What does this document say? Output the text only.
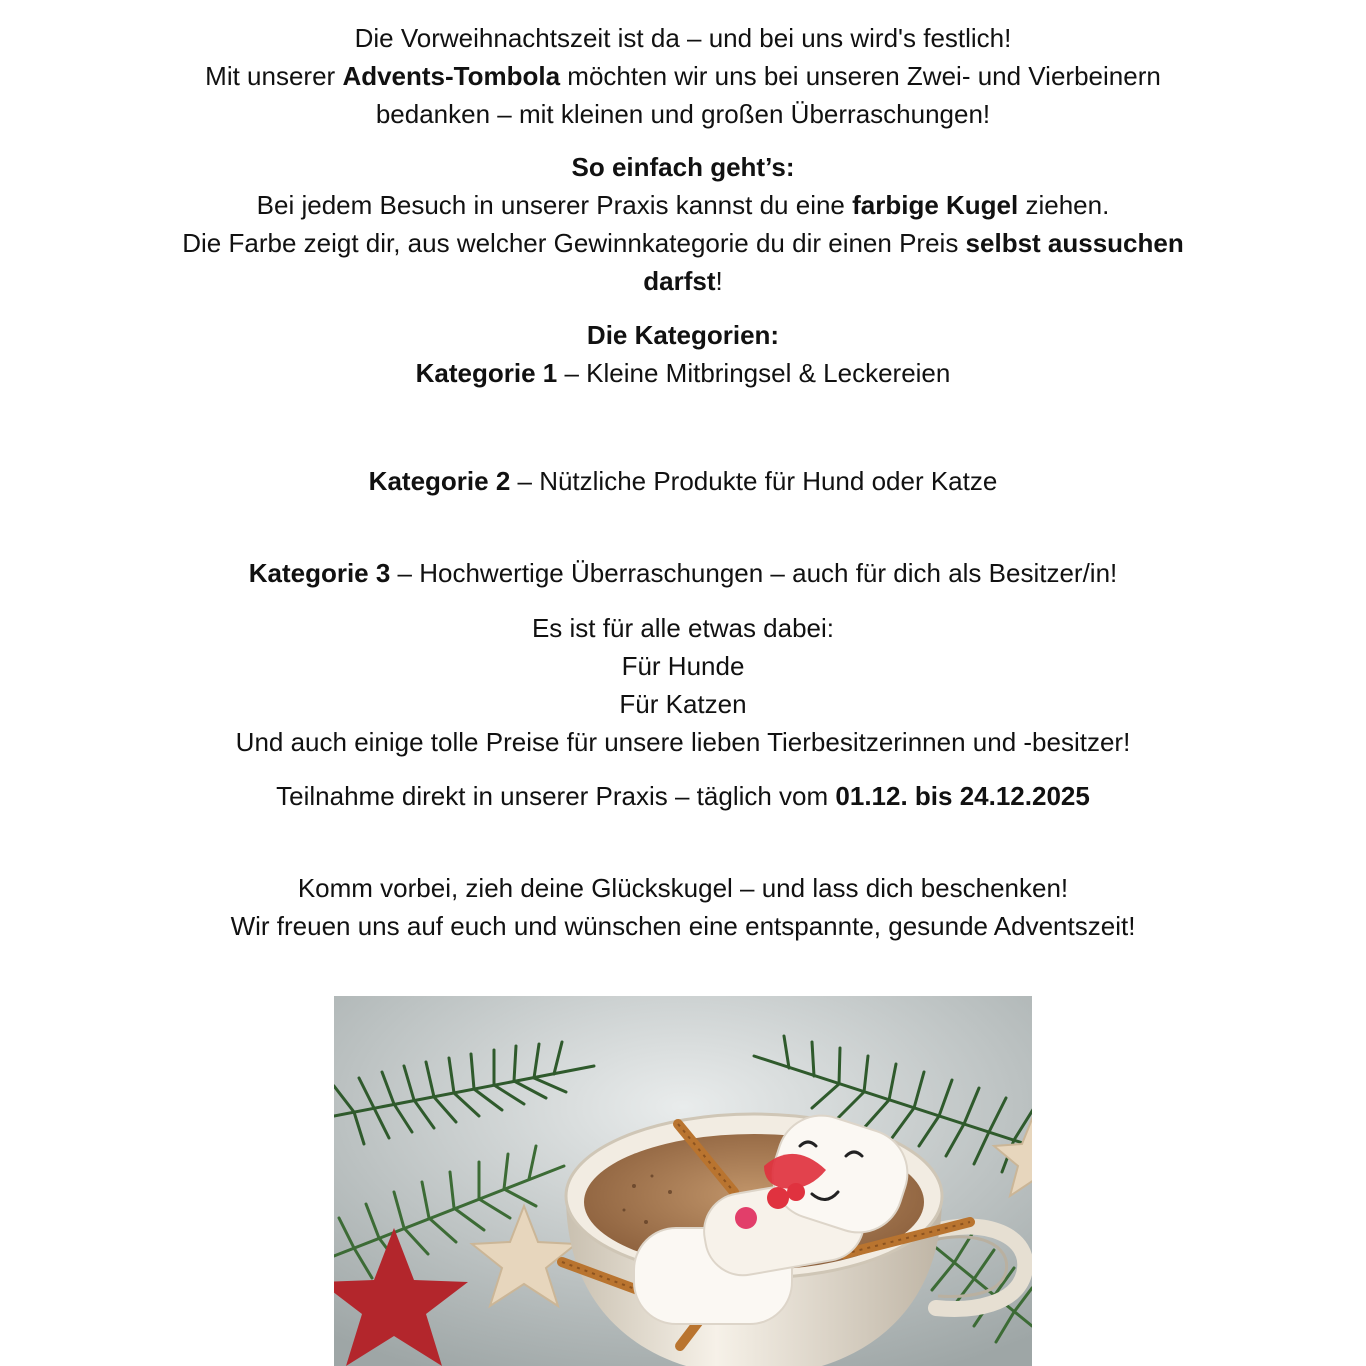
Die Vorweihnachtszeit ist da – und bei uns wird's festlich!
Mit unserer Advents-Tombola möchten wir uns bei unseren Zwei- und Vierbeinern
bedanken – mit kleinen und großen Überraschungen!
So einfach geht’s:
Bei jedem Besuch in unserer Praxis kannst du eine farbige Kugel ziehen.
Die Farbe zeigt dir, aus welcher Gewinnkategorie du dir einen Preis selbst aussuchen
darfst!
Die Kategorien:
Kategorie 1 – Kleine Mitbringsel & Leckereien
Kategorie 2 – Nützliche Produkte für Hund oder Katze
Kategorie 3 – Hochwertige Überraschungen – auch für dich als Besitzer/in!
Es ist für alle etwas dabei:
Für Hunde
Für Katzen
Und auch einige tolle Preise für unsere lieben Tierbesitzerinnen und -besitzer!
Teilnahme direkt in unserer Praxis – täglich vom 01.12. bis 24.12.2025
Komm vorbei, zieh deine Glückskugel – und lass dich beschenken!
Wir freuen uns auf euch und wünschen eine entspannte, gesunde Adventszeit!
